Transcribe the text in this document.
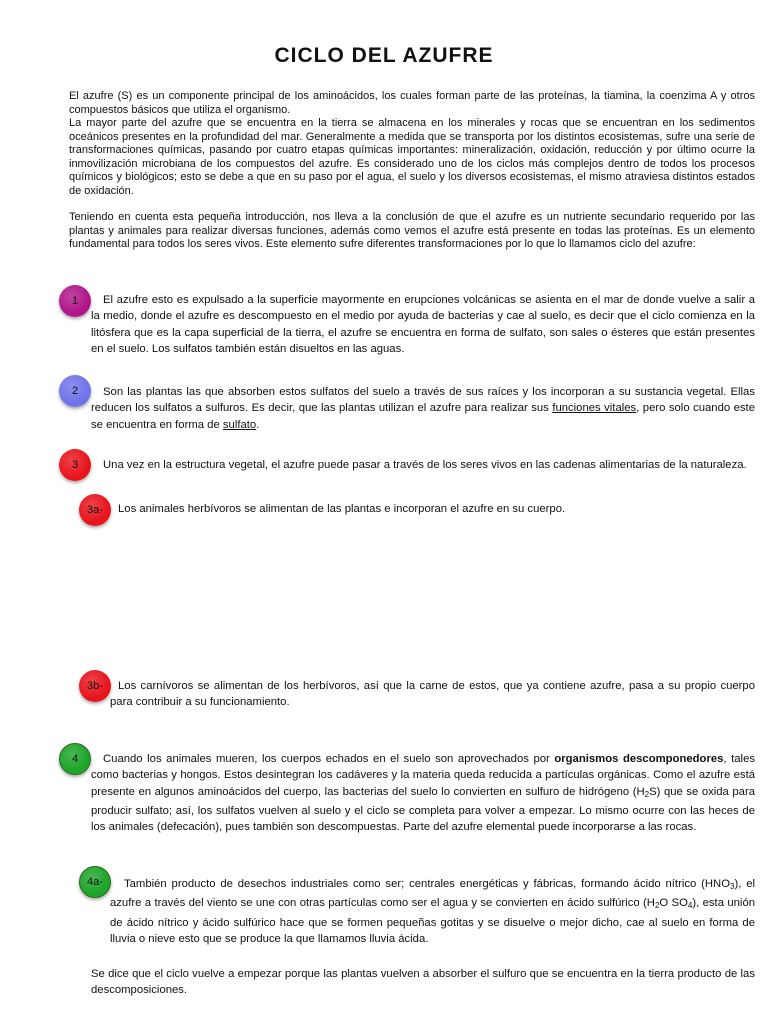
CICLO DEL AZUFRE
El azufre (S) es un componente principal de los aminoácidos, los cuales forman parte de las proteínas, la tiamina, la coenzima A y otros compuestos básicos que utiliza el organismo.
La mayor parte del azufre que se encuentra en la tierra se almacena en los minerales y rocas que se encuentran en los sedimentos oceánicos presentes en la profundidad del mar. Generalmente a medida que se transporta por los distintos ecosistemas, sufre una serie de transformaciones químicas, pasando por cuatro etapas químicas importantes: mineralización, oxidación, reducción y por último ocurre la inmovilización microbiana de los compuestos del azufre. Es considerado uno de los ciclos más complejos dentro de todos los procesos químicos y biológicos; esto se debe a que en su paso por el agua, el suelo y los diversos ecosistemas, el mismo atraviesa distintos estados de oxidación.
Teniendo en cuenta esta pequeña introducción, nos lleva a la conclusión de que el azufre es un nutriente secundario requerido por las plantas y animales para realizar diversas funciones, además como vemos el azufre está presente en todas las proteínas. Es un elemento fundamental para todos los seres vivos. Este elemento sufre diferentes transformaciones por lo que lo llamamos ciclo del azufre:
1	El azufre esto es expulsado a la superficie mayormente en erupciones volcánicas se asienta en el mar de donde vuelve a salir a la medio, donde el azufre es descompuesto en el medio por ayuda de bacterias y cae al suelo, es decir que el ciclo comienza en la litósfera que es la capa superficial de la tierra, el azufre se encuentra en forma de sulfato, son sales o ésteres que están presentes en el suelo. Los sulfatos también están disueltos en las aguas.
2	Son las plantas las que absorben estos sulfatos del suelo a través de sus raíces y los incorporan a su sustancia vegetal. Ellas reducen los sulfatos a sulfuros. Es decir, que las plantas utilizan el azufre para realizar sus funciones vitales, pero solo cuando este se encuentra en forma de sulfato.
3	Una vez en la estructura vegetal, el azufre puede pasar a través de los seres vivos en las cadenas alimentarias de la naturaleza.
3a- Los animales herbívoros se alimentan de las plantas e incorporan el azufre en su cuerpo.
3b-	Los carnívoros se alimentan de los herbívoros, así que la carne de estos, que ya contiene azufre, pasa a su propio cuerpo para contribuir a su funcionamiento.
4	Cuando los animales mueren, los cuerpos echados en el suelo son aprovechados por organismos descomponedores, tales como bacterias y hongos. Estos desintegran los cadáveres y la materia queda reducida a partículas orgánicas. Como el azufre está presente en algunos aminoácidos del cuerpo, las bacterias del suelo lo convierten en sulfuro de hidrógeno $(H_2S)$ que se oxida para producir sulfato; así, los sulfatos vuelven al suelo y el ciclo se completa para volver a empezar. Lo mismo ocurre con las heces de los animales (defecación), pues también son descompuestas. Parte del azufre elemental puede incorporarse a las rocas.
4a-	También producto de desechos industriales como ser; centrales energéticas y fábricas, formando ácido nítrico $(HNO_3)$, el azufre a través del viento se une con otras partículas como ser el agua y se convierten en ácido sulfúrico ($H_2O$ $SO_4$), esta unión de ácido nítrico y ácido sulfúrico hace que se formen pequeñas gotitas y se disuelve o mejor dicho, cae al suelo en forma de lluvia o nieve esto que se produce la que llamamos lluvia ácida.
Se dice que el ciclo vuelve a empezar porque las plantas vuelven a absorber el sulfuro que se encuentra en la tierra producto de las descomposiciones.
